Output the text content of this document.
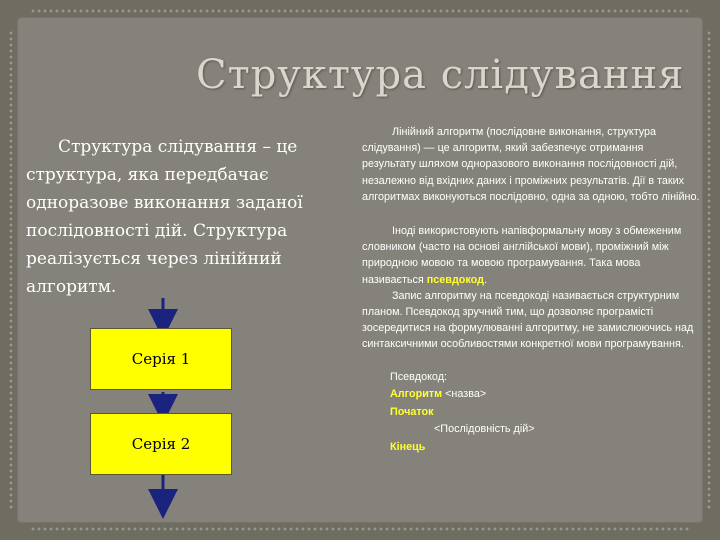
Структура слідування
Структура слідування – це структура, яка передбачає одноразове виконання заданої послідовності дій. Структура реалізується через лінійний алгоритм.
Серія 1
Серія 2

Лінійний алгоритм (послідовне виконання, структура слідування) — це алгоритм, який забезпечує отримання результату шляхом одноразового виконання послідовності дій, незалежно від вхідних даних і проміжних результатів. Дії в таких алгоритмах виконуються послідовно, одна за одною, тобто лінійно.

Іноді використовують напівформальну мову з обмеженим словником (часто на основі англійської мови), проміжний між природною мовою та мовою програмування. Така мова називається псевдокод.

Запис алгоритму на псевдокоді називається структурним планом. Псевдокод зручний тим, що дозволяє програмісті зосередитися на формулюванні алгоритму, не замислюючись над синтаксичними особливостями конкретної мови програмування.

Псевдокод:
Алгоритм <назва>
Початок
<Послідовність дій>
Кінець
